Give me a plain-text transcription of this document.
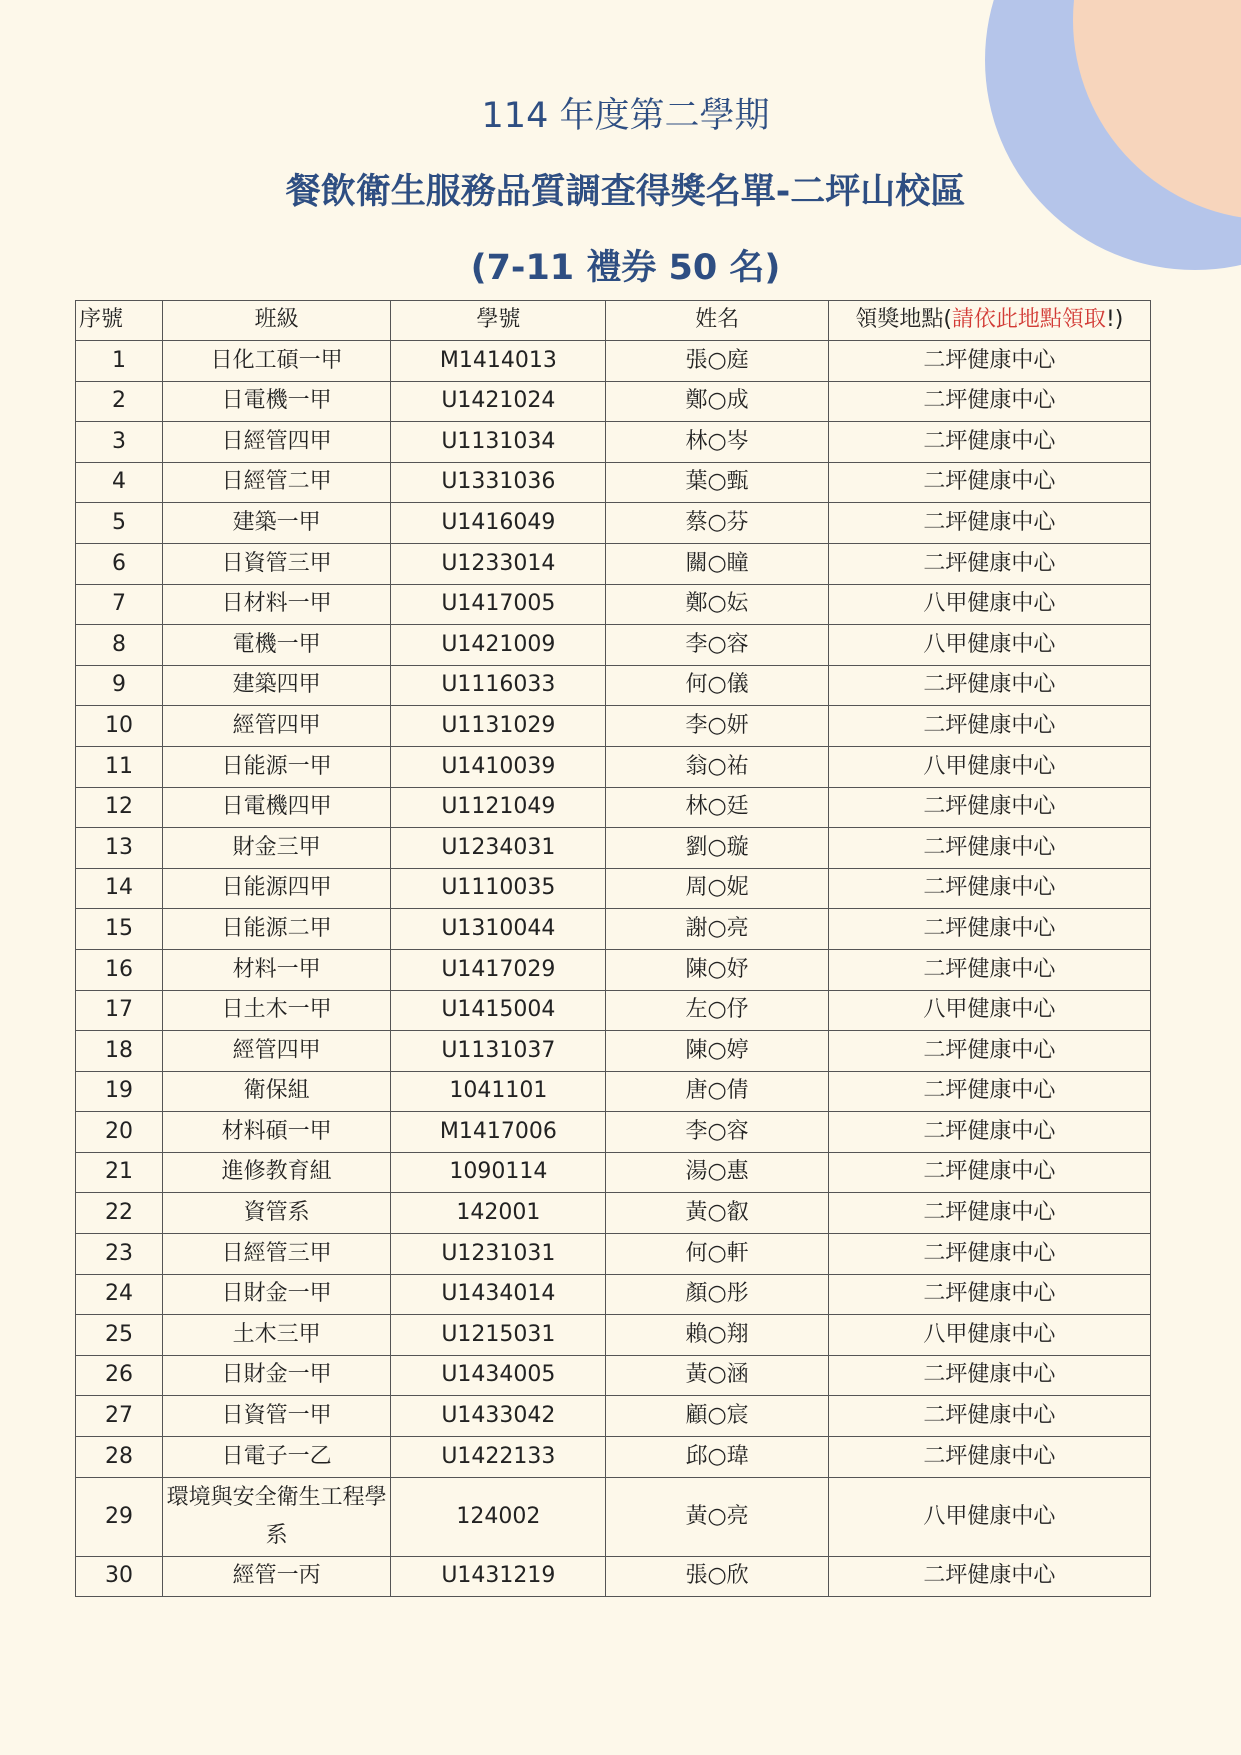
114 年度第二學期
餐飲衛生服務品質調查得獎名單-二坪山校區
(7-11 禮券 50 名)
序號	班級	學號	姓名	領獎地點(請依此地點領取!)
1	日化工碩一甲	M1414013	張○庭	二坪健康中心
2	日電機一甲	U1421024	鄭○成	二坪健康中心
3	日經管四甲	U1131034	林○岑	二坪健康中心
4	日經管二甲	U1331036	葉○甄	二坪健康中心
5	建築一甲	U1416049	蔡○芬	二坪健康中心
6	日資管三甲	U1233014	關○瞳	二坪健康中心
7	日材料一甲	U1417005	鄭○妘	八甲健康中心
8	電機一甲	U1421009	李○容	八甲健康中心
9	建築四甲	U1116033	何○儀	二坪健康中心
10	經管四甲	U1131029	李○妍	二坪健康中心
11	日能源一甲	U1410039	翁○祐	八甲健康中心
12	日電機四甲	U1121049	林○廷	二坪健康中心
13	財金三甲	U1234031	劉○璇	二坪健康中心
14	日能源四甲	U1110035	周○妮	二坪健康中心
15	日能源二甲	U1310044	謝○亮	二坪健康中心
16	材料一甲	U1417029	陳○妤	二坪健康中心
17	日土木一甲	U1415004	左○伃	八甲健康中心
18	經管四甲	U1131037	陳○婷	二坪健康中心
19	衛保組	1041101	唐○倩	二坪健康中心
20	材料碩一甲	M1417006	李○容	二坪健康中心
21	進修教育組	1090114	湯○惠	二坪健康中心
22	資管系	142001	黃○叡	二坪健康中心
23	日經管三甲	U1231031	何○軒	二坪健康中心
24	日財金一甲	U1434014	顏○彤	二坪健康中心
25	土木三甲	U1215031	賴○翔	八甲健康中心
26	日財金一甲	U1434005	黃○涵	二坪健康中心
27	日資管一甲	U1433042	顧○宸	二坪健康中心
28	日電子一乙	U1422133	邱○瑋	二坪健康中心
29	環境與安全衛生工程學系	124002	黃○亮	八甲健康中心
30	經管一丙	U1431219	張○欣	二坪健康中心
